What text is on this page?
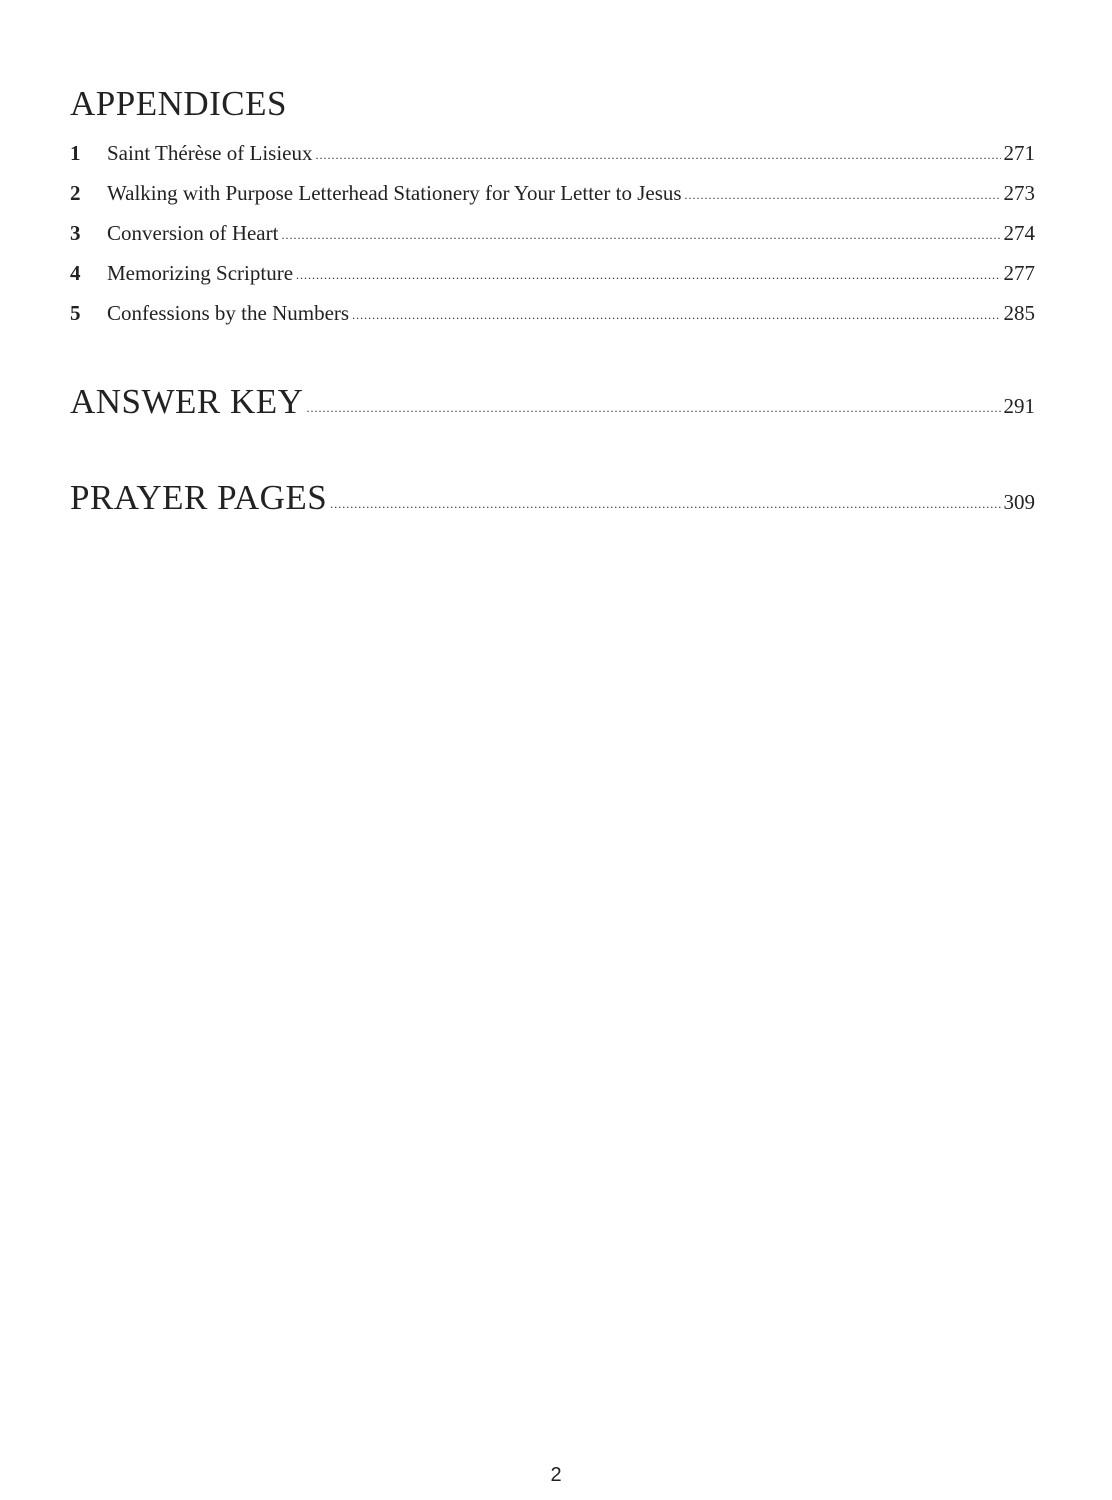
APPENDICES
1	Saint Thérèse of Lisieux .....	271
2	Walking with Purpose Letterhead Stationery for Your Letter to Jesus .....	273
3	Conversion of Heart .....	274
4	Memorizing Scripture .....	277
5	Confessions by the Numbers .....	285
ANSWER KEY .....	291
PRAYER PAGES .....	309
2
